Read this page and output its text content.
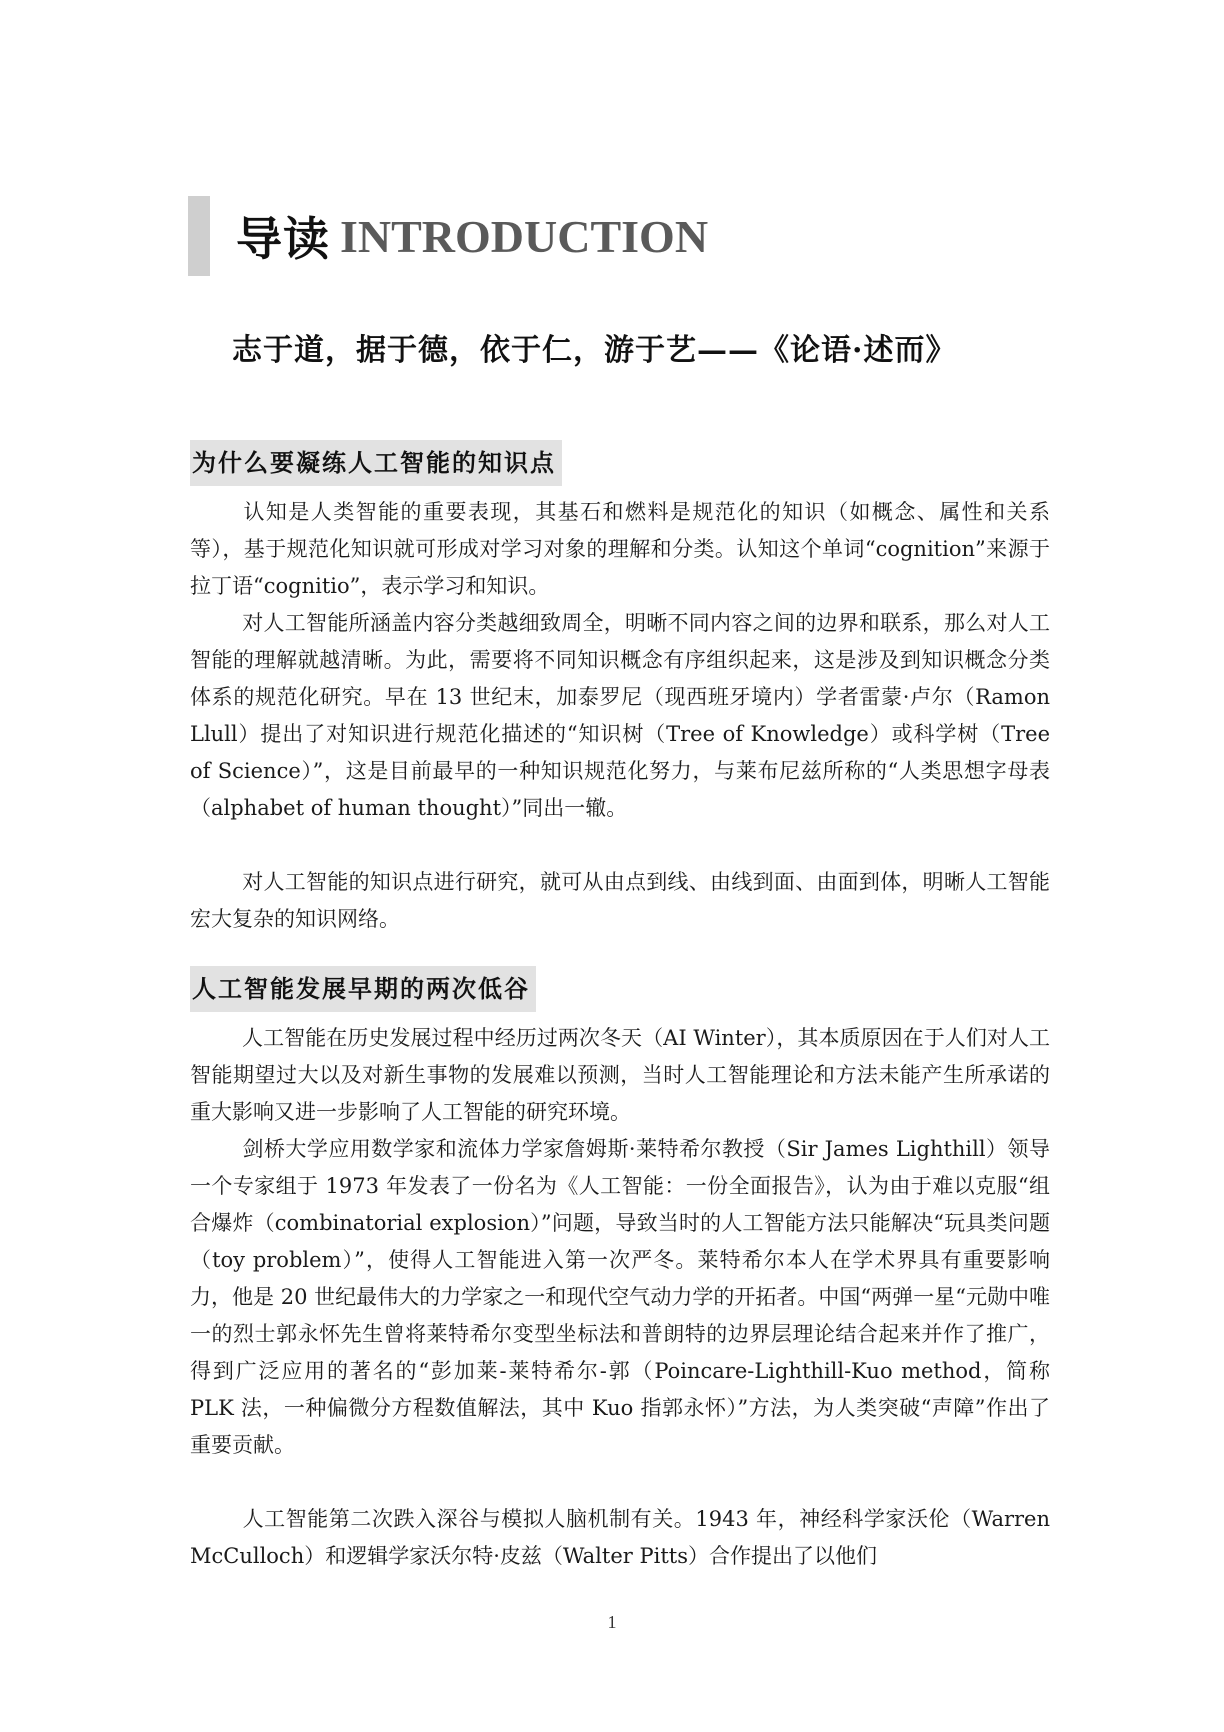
导读 INTRODUCTION
志于道，据于德，依于仁，游于艺——《论语·述而》
为什么要凝练人工智能的知识点

认知是人类智能的重要表现，其基石和燃料是规范化的知识（如概念、属性和关系等），基于规范化知识就可形成对学习对象的理解和分类。认知这个单词“cognition”来源于拉丁语“cognitio”，表示学习和知识。

对人工智能所涵盖内容分类越细致周全，明晰不同内容之间的边界和联系，那么对人工智能的理解就越清晰。为此，需要将不同知识概念有序组织起来，这是涉及到知识概念分类体系的规范化研究。早在 13 世纪末，加泰罗尼（现西班牙境内）学者雷蒙·卢尔（Ramon Llull）提出了对知识进行规范化描述的“知识树（Tree of Knowledge）或科学树（Tree of Science）”，这是目前最早的一种知识规范化努力，与莱布尼兹所称的“人类思想字母表（alphabet of human thought）”同出一辙。

对人工智能的知识点进行研究，就可从由点到线、由线到面、由面到体，明晰人工智能宏大复杂的知识网络。

人工智能发展早期的两次低谷

人工智能在历史发展过程中经历过两次冬天（AI Winter），其本质原因在于人们对人工智能期望过大以及对新生事物的发展难以预测，当时人工智能理论和方法未能产生所承诺的重大影响又进一步影响了人工智能的研究环境。

剑桥大学应用数学家和流体力学家詹姆斯·莱特希尔教授（Sir James Lighthill）领导一个专家组于 1973 年发表了一份名为《人工智能：一份全面报告》，认为由于难以克服“组合爆炸（combinatorial explosion）”问题，导致当时的人工智能方法只能解决“玩具类问题（toy problem）”，使得人工智能进入第一次严冬。莱特希尔本人在学术界具有重要影响力，他是 20 世纪最伟大的力学家之一和现代空气动力学的开拓者。中国“两弹一星“元勋中唯一的烈士郭永怀先生曾将莱特希尔变型坐标法和普朗特的边界层理论结合起来并作了推广，得到广泛应用的著名的“彭加莱-莱特希尔-郭（Poincare-Lighthill-Kuo method，简称 PLK 法，一种偏微分方程数值解法，其中 Kuo 指郭永怀）”方法，为人类突破“声障”作出了重要贡献。

人工智能第二次跌入深谷与模拟人脑机制有关。1943 年，神经科学家沃伦（Warren McCulloch）和逻辑学家沃尔特·皮兹（Walter Pitts）合作提出了以他们

1
